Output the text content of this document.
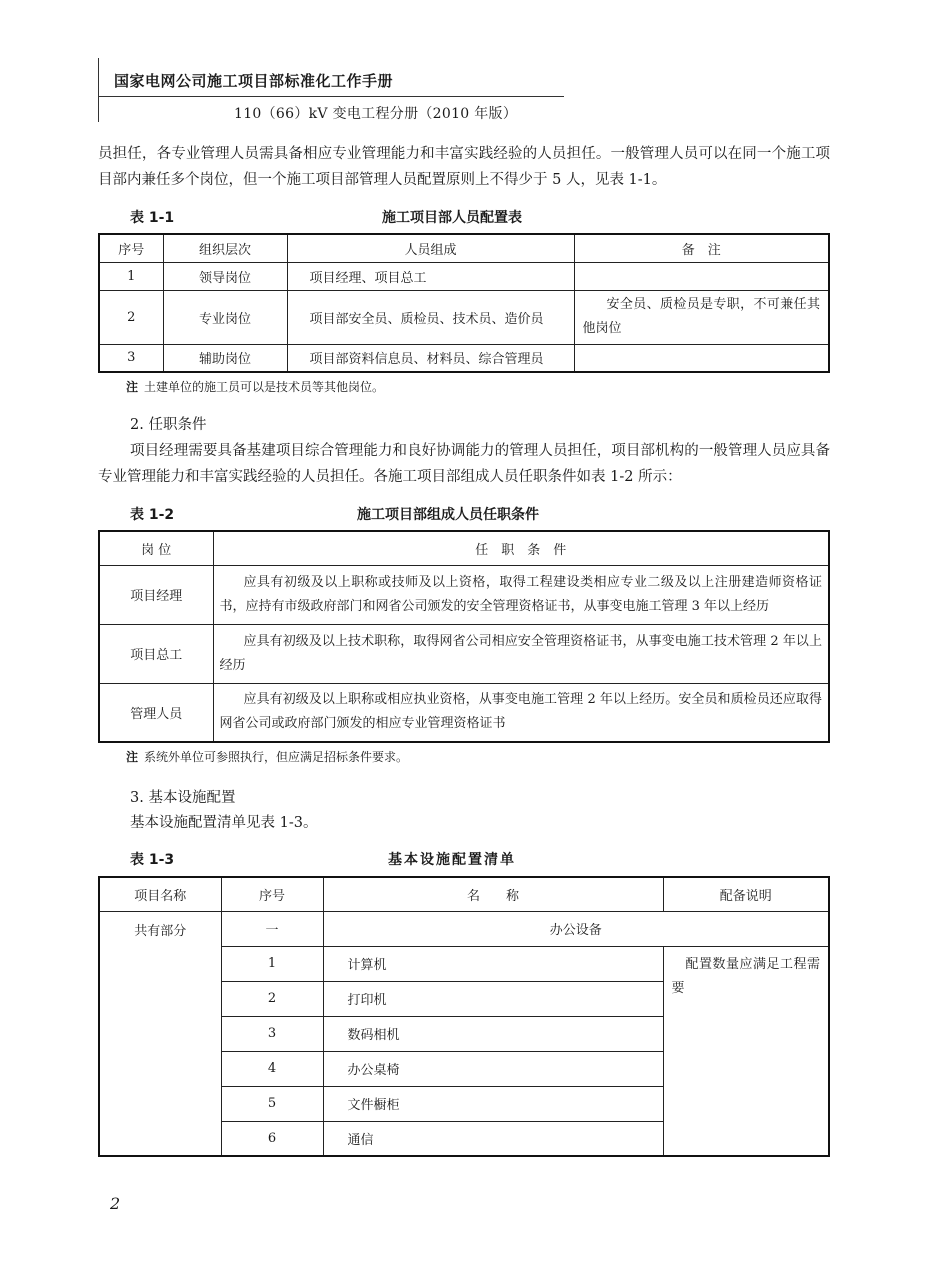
国家电网公司施工项目部标准化工作手册
110（66）kV 变电工程分册（2010 年版）
员担任，各专业管理人员需具备相应专业管理能力和丰富实践经验的人员担任。一般管理人员可以在同一个施工项目部内兼任多个岗位，但一个施工项目部管理人员配置原则上不得少于 5 人，见表 1-1。
表 1-1	施工项目部人员配置表
序号	组织层次	人员组成	备　注
1	领导岗位	项目经理、项目总工	
2	专业岗位	项目部安全员、质检员、技术员、造价员	安全员、质检员是专职，不可兼任其他岗位
3	辅助岗位	项目部资料信息员、材料员、综合管理员	
注 土建单位的施工员可以是技术员等其他岗位。
2. 任职条件
项目经理需要具备基建项目综合管理能力和良好协调能力的管理人员担任，项目部机构的一般管理人员应具备专业管理能力和丰富实践经验的人员担任。各施工项目部组成人员任职条件如表 1-2 所示：
表 1-2	施工项目部组成人员任职条件
岗 位	任　职　条　件
项目经理	应具有初级及以上职称或技师及以上资格，取得工程建设类相应专业二级及以上注册建造师资格证书，应持有市级政府部门和网省公司颁发的安全管理资格证书，从事变电施工管理 3 年以上经历
项目总工	应具有初级及以上技术职称，取得网省公司相应安全管理资格证书，从事变电施工技术管理 2 年以上经历
管理人员	应具有初级及以上职称或相应执业资格，从事变电施工管理 2 年以上经历。安全员和质检员还应取得网省公司或政府部门颁发的相应专业管理资格证书
注 系统外单位可参照执行，但应满足招标条件要求。
3. 基本设施配置
基本设施配置清单见表 1-3。
表 1-3	基本设施配置清单
项目名称	序号	名　　称	配备说明
共有部分	一	办公设备	
	1	计算机	配置数量应满足工程需要
	2	打印机	
	3	数码相机	
	4	办公桌椅	
	5	文件橱柜	
	6	通信	
2
